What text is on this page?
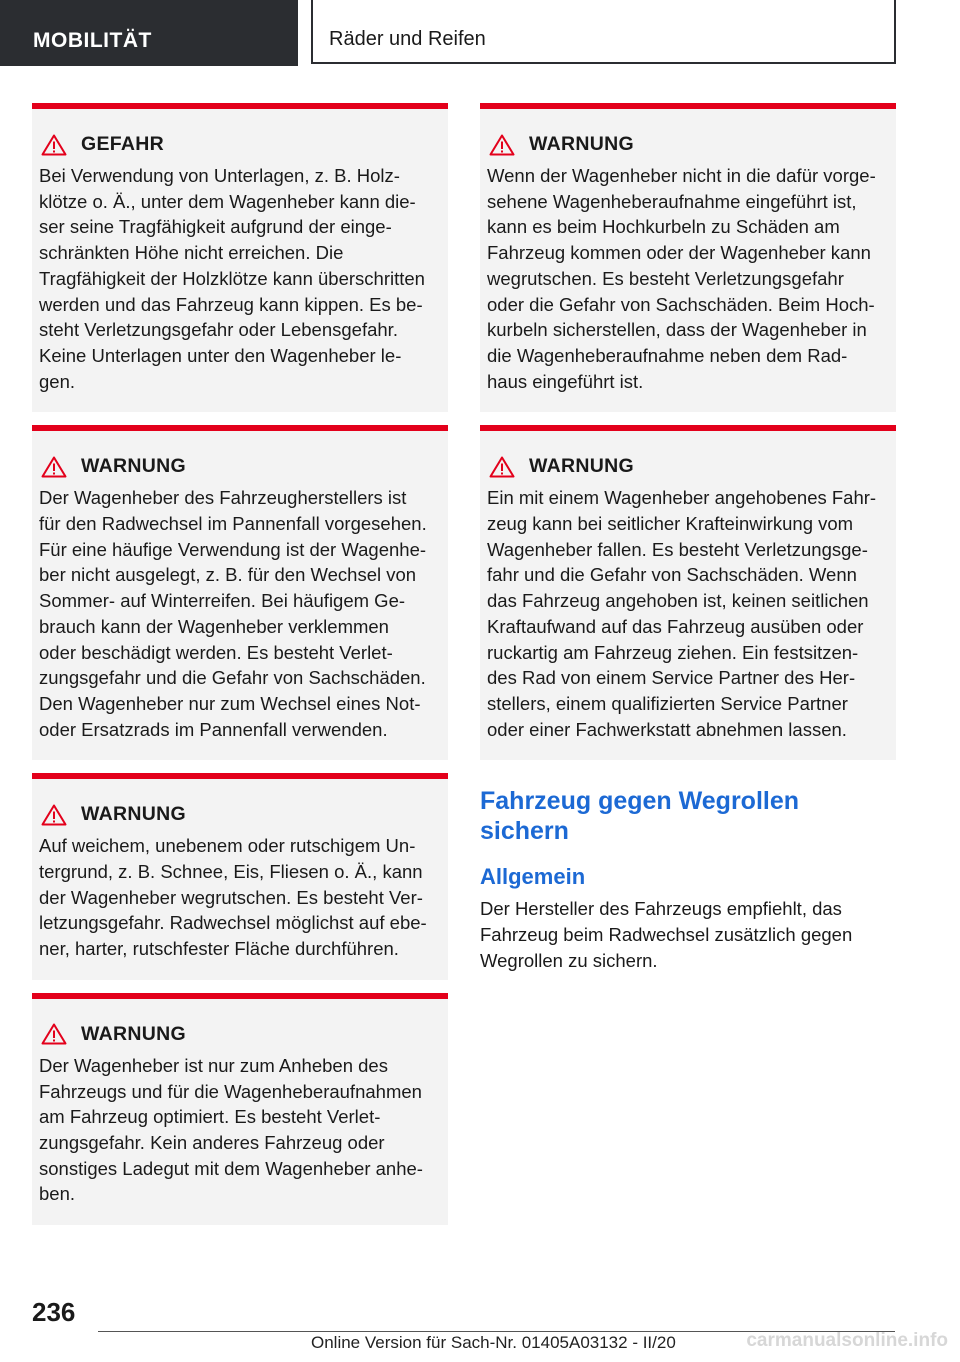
MOBILITÄT	Räder und Reifen
GEFAHR
Bei Verwendung von Unterlagen, z. B. Holz-
klötze o. Ä., unter dem Wagenheber kann die-
ser seine Tragfähigkeit aufgrund der einge-
schränkten Höhe nicht erreichen. Die
Tragfähigkeit der Holzklötze kann überschritten
werden und das Fahrzeug kann kippen. Es be-
steht Verletzungsgefahr oder Lebensgefahr.
Keine Unterlagen unter den Wagenheber le-
gen.
WARNUNG
Der Wagenheber des Fahrzeugherstellers ist
für den Radwechsel im Pannenfall vorgesehen.
Für eine häufige Verwendung ist der Wagenhe-
ber nicht ausgelegt, z. B. für den Wechsel von
Sommer- auf Winterreifen. Bei häufigem Ge-
brauch kann der Wagenheber verklemmen
oder beschädigt werden. Es besteht Verlet-
zungsgefahr und die Gefahr von Sachschäden.
Den Wagenheber nur zum Wechsel eines Not-
oder Ersatzrads im Pannenfall verwenden.
WARNUNG
Auf weichem, unebenem oder rutschigem Un-
tergrund, z. B. Schnee, Eis, Fliesen o. Ä., kann
der Wagenheber wegrutschen. Es besteht Ver-
letzungsgefahr. Radwechsel möglichst auf ebe-
ner, harter, rutschfester Fläche durchführen.
WARNUNG
Der Wagenheber ist nur zum Anheben des
Fahrzeugs und für die Wagenheberaufnahmen
am Fahrzeug optimiert. Es besteht Verlet-
zungsgefahr. Kein anderes Fahrzeug oder
sonstiges Ladegut mit dem Wagenheber anhe-
ben.
WARNUNG
Wenn der Wagenheber nicht in die dafür vorge-
sehene Wagenheberaufnahme eingeführt ist,
kann es beim Hochkurbeln zu Schäden am
Fahrzeug kommen oder der Wagenheber kann
wegrutschen. Es besteht Verletzungsgefahr
oder die Gefahr von Sachschäden. Beim Hoch-
kurbeln sicherstellen, dass der Wagenheber in
die Wagenheberaufnahme neben dem Rad-
haus eingeführt ist.
WARNUNG
Ein mit einem Wagenheber angehobenes Fahr-
zeug kann bei seitlicher Krafteinwirkung vom
Wagenheber fallen. Es besteht Verletzungsge-
fahr und die Gefahr von Sachschäden. Wenn
das Fahrzeug angehoben ist, keinen seitlichen
Kraftaufwand auf das Fahrzeug ausüben oder
ruckartig am Fahrzeug ziehen. Ein festsitzen-
des Rad von einem Service Partner des Her-
stellers, einem qualifizierten Service Partner
oder einer Fachwerkstatt abnehmen lassen.
Fahrzeug gegen Wegrollen
sichern
Allgemein
Der Hersteller des Fahrzeugs empfiehlt, das
Fahrzeug beim Radwechsel zusätzlich gegen
Wegrollen zu sichern.
236
Online Version für Sach-Nr. 01405A03132 - II/20	carmanualsonline.info
